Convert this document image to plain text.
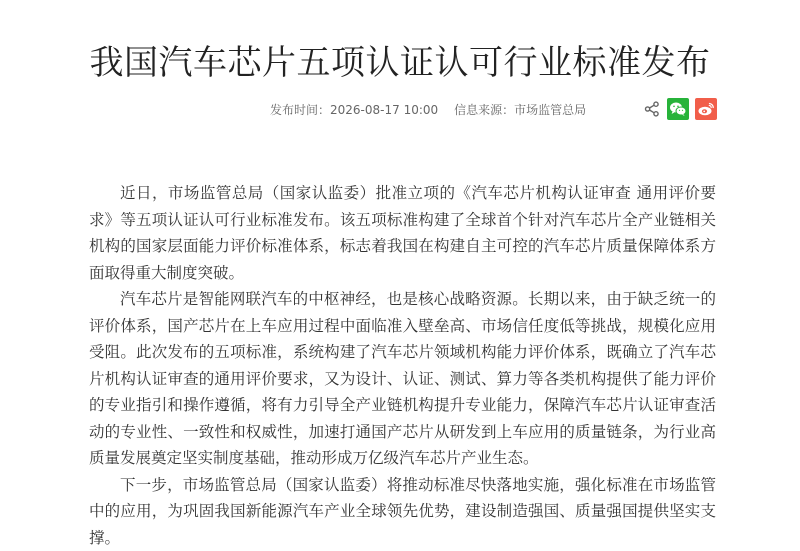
我国汽车芯片五项认证认可行业标准发布
发布时间：2026-08-17 10:00 信息来源：市场监管总局

近日，市场监管总局（国家认监委）批准立项的《汽车芯片机构认证审查 通用评价要求》等五项认证认可行业标准发布。该五项标准构建了全球首个针对汽车芯片全产业链相关机构的国家层面能力评价标准体系，标志着我国在构建自主可控的汽车芯片质量保障体系方面取得重大制度突破。

汽车芯片是智能网联汽车的中枢神经，也是核心战略资源。长期以来，由于缺乏统一的评价体系，国产芯片在上车应用过程中面临准入壁垒高、市场信任度低等挑战，规模化应用受阻。此次发布的五项标准，系统构建了汽车芯片领域机构能力评价体系，既确立了汽车芯片机构认证审查的通用评价要求，又为设计、认证、测试、算力等各类机构提供了能力评价的专业指引和操作遵循，将有力引导全产业链机构提升专业能力，保障汽车芯片认证审查活动的专业性、一致性和权威性，加速打通国产芯片从研发到上车应用的质量链条，为行业高质量发展奠定坚实制度基础，推动形成万亿级汽车芯片产业生态。

下一步，市场监管总局（国家认监委）将推动标准尽快落地实施，强化标准在市场监管中的应用，为巩固我国新能源汽车产业全球领先优势，建设制造强国、质量强国提供坚实支撑。
